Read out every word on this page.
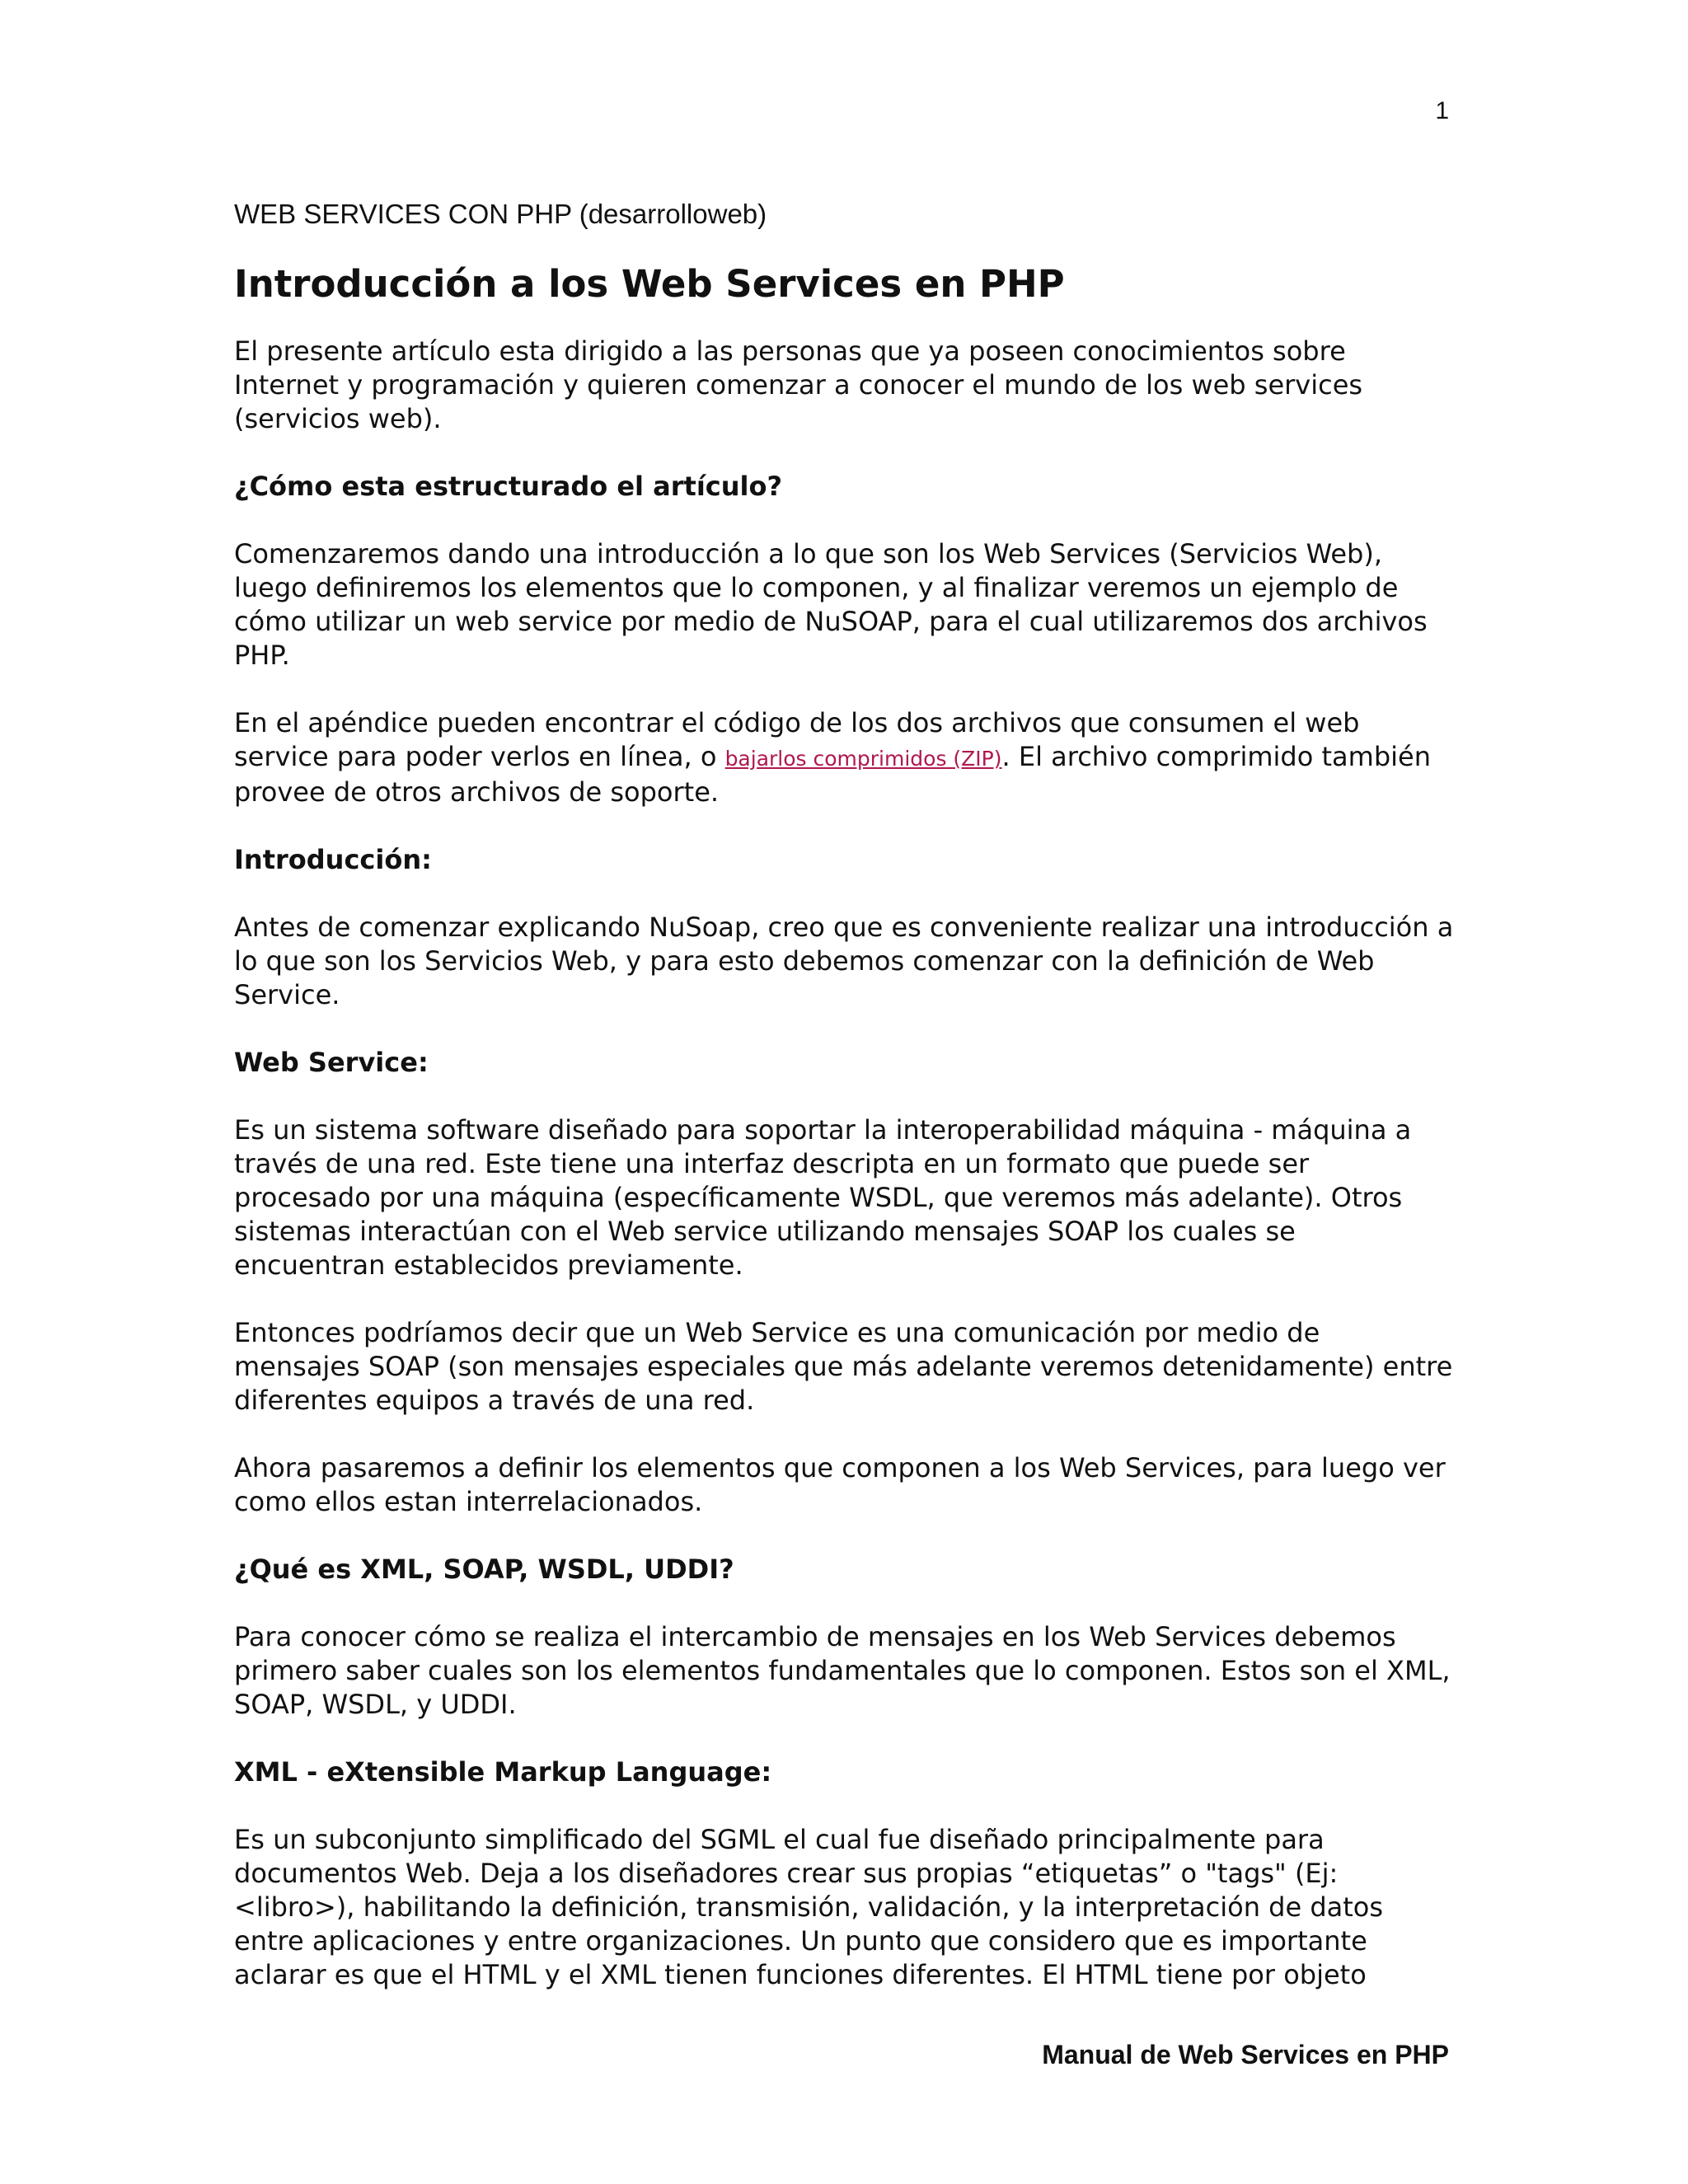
1
WEB SERVICES CON PHP (desarrolloweb)
Introducción a los Web Services en PHP

El presente artículo esta dirigido a las personas que ya poseen conocimientos sobre Internet y programación y quieren comenzar a conocer el mundo de los web services (servicios web).

¿Cómo esta estructurado el artículo?

Comenzaremos dando una introducción a lo que son los Web Services (Servicios Web), luego definiremos los elementos que lo componen, y al finalizar veremos un ejemplo de cómo utilizar un web service por medio de NuSOAP, para el cual utilizaremos dos archivos PHP.

En el apéndice pueden encontrar el código de los dos archivos que consumen el web service para poder verlos en línea, o bajarlos comprimidos (ZIP). El archivo comprimido también provee de otros archivos de soporte.

Introducción:

Antes de comenzar explicando NuSoap, creo que es conveniente realizar una introducción a lo que son los Servicios Web, y para esto debemos comenzar con la definición de Web Service.

Web Service:

Es un sistema software diseñado para soportar la interoperabilidad máquina - máquina a través de una red. Este tiene una interfaz descripta en un formato que puede ser procesado por una máquina (específicamente WSDL, que veremos más adelante). Otros sistemas interactúan con el Web service utilizando mensajes SOAP los cuales se encuentran establecidos previamente.

Entonces podríamos decir que un Web Service es una comunicación por medio de mensajes SOAP (son mensajes especiales que más adelante veremos detenidamente) entre diferentes equipos a través de una red.

Ahora pasaremos a definir los elementos que componen a los Web Services, para luego ver como ellos estan interrelacionados.

¿Qué es XML, SOAP, WSDL, UDDI?

Para conocer cómo se realiza el intercambio de mensajes en los Web Services debemos primero saber cuales son los elementos fundamentales que lo componen. Estos son el XML, SOAP, WSDL, y UDDI.

XML - eXtensible Markup Language:

Es un subconjunto simplificado del SGML el cual fue diseñado principalmente para documentos Web. Deja a los diseñadores crear sus propias “etiquetas” o "tags" (Ej: <libro>), habilitando la definición, transmisión, validación, y la interpretación de datos entre aplicaciones y entre organizaciones. Un punto que considero que es importante aclarar es que el HTML y el XML tienen funciones diferentes. El HTML tiene por objeto

Manual de Web Services en PHP
